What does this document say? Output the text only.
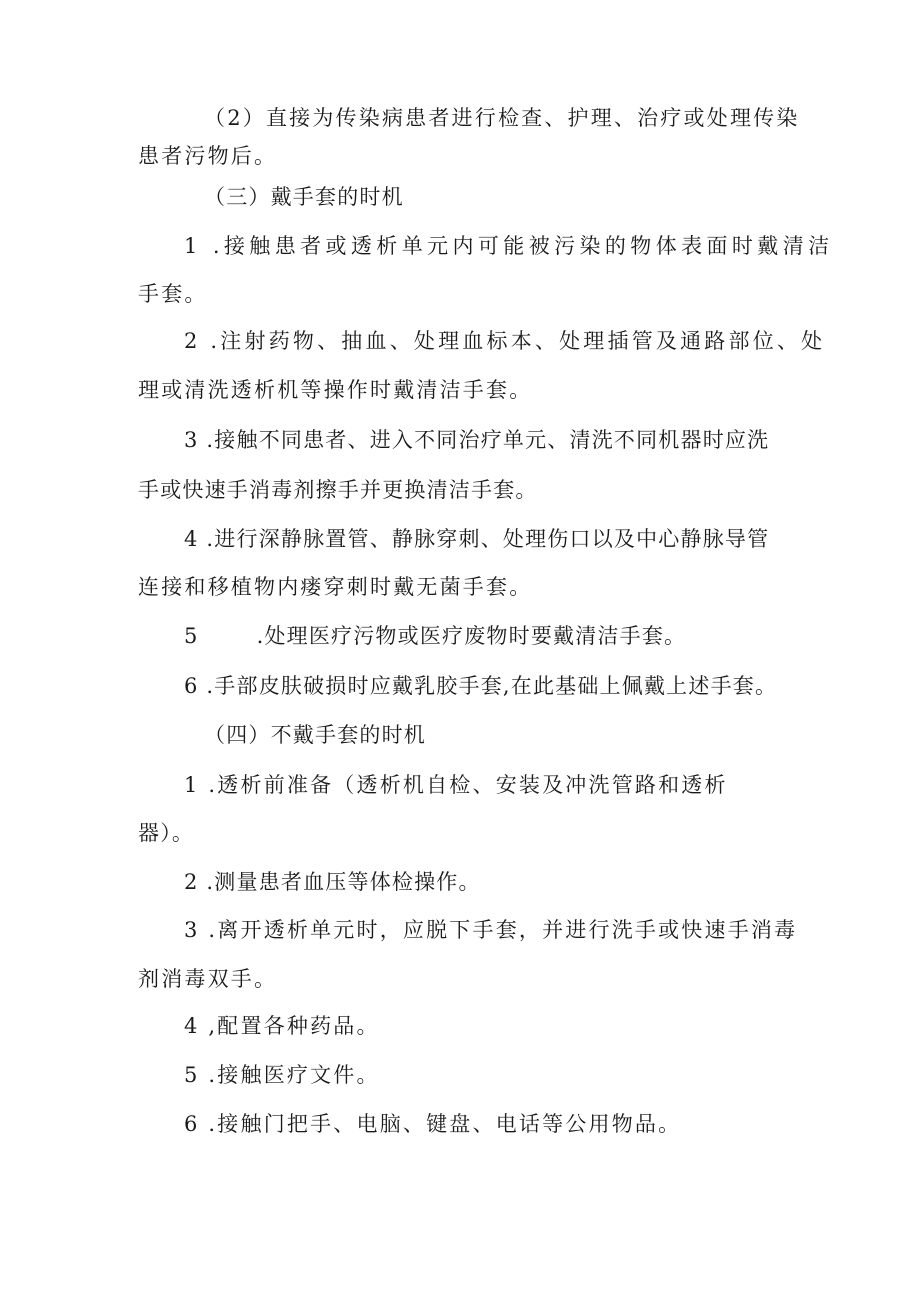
（2）直接为传染病患者进行检查、护理、治疗或处理传染
患者污物后。
（三）戴手套的时机
1 .接触患者或透析单元内可能被污染的物体表面时戴清洁
手套。
2 .注射药物、抽血、处理血标本、处理插管及通路部位、处
理或清洗透析机等操作时戴清洁手套。
3 .接触不同患者、进入不同治疗单元、清洗不同机器时应洗
手或快速手消毒剂擦手并更换清洁手套。
4 .进行深静脉置管、静脉穿刺、处理伤口以及中心静脉导管
连接和移植物内瘘穿刺时戴无菌手套。
5	.处理医疗污物或医疗废物时要戴清洁手套。
6 .手部皮肤破损时应戴乳胶手套,在此基础上佩戴上述手套。
（四）不戴手套的时机
1 .透析前准备（透析机自检、安装及冲洗管路和透析
器）。
2 .测量患者血压等体检操作。
3 .离开透析单元时，应脱下手套，并进行洗手或快速手消毒
剂消毒双手。
4 ,配置各种药品。
5 .接触医疗文件。
6 .接触门把手、电脑、键盘、电话等公用物品。
